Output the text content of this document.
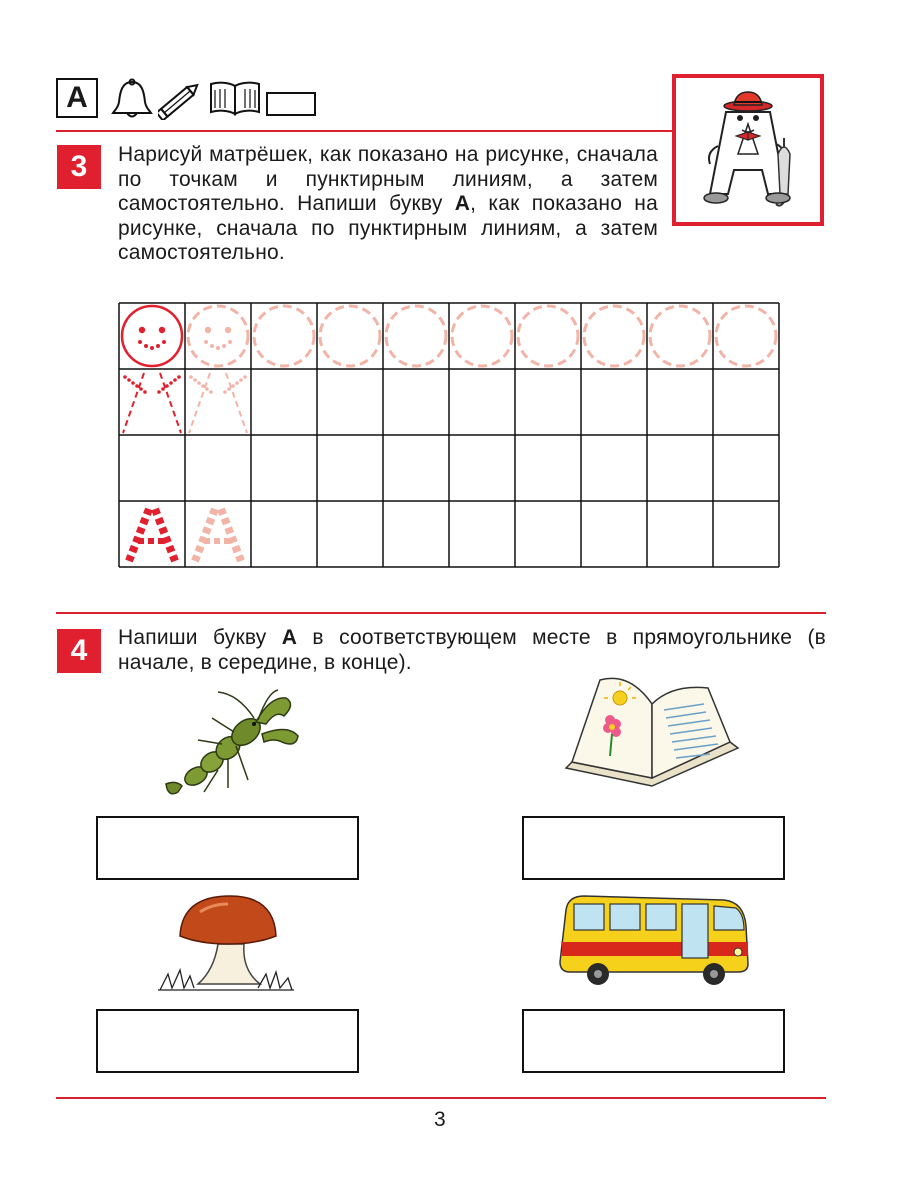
А
3	Нарисуй матрёшек, как показано на рисунке, сначала по точкам и пунктирным линиям, а затем самостоятельно. Напиши букву А, как показано на рисунке, сначала по пунктирным линиям, а затем самостоятельно.
4	Напиши букву А в соответствующем месте в прямоугольнике (в начале, в середине, в конце).
3
